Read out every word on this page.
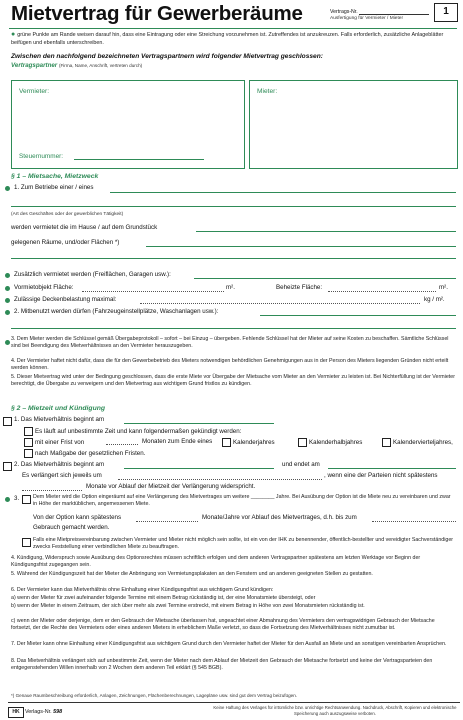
Mietvertrag für Gewerberäume	Vertrags-Nr.
Ausfertigung für Vermieter / Mieter
1
● grüne Punkte am Rande weisen darauf hin, dass eine Eintragung oder eine Streichung vorzunehmen ist. Zutreffendes ist anzukreuzen. Falls erforderlich, zusätzliche Anlageblätter beifügen und ebenfalls unterschreiben.
Zwischen den nachfolgend bezeichneten Vertragspartnern wird folgender Mietvertrag geschlossen:
Vertragspartner (Firma, Name, Anschrift, vertreten durch)
Vermieter:
Steuernummer:
Mieter:
§ 1 – Mietsache, Mietzweck
1. Zum Betriebe einer / eines
(Art des Geschäftes oder der gewerblichen Tätigkeit)
werden vermietet die im Hause / auf dem Grundstück
gelegenen Räume, und/oder Flächen *)
Zusätzlich vermietet werden (Freiflächen, Garagen usw.):
Vormietobjekt Fläche:	m².	Beheizte Fläche:	m².
Zulässige Deckenbelastung maximal:	kg / m².
2. Mitbenutzt werden dürfen (Fahrzeugeinstellplätze, Waschanlagen usw.):
3. Dem Mieter werden die Schlüssel gemäß Übergabeprotokoll – sofort – bei Einzug – übergeben. Fehlende Schlüssel hat der Mieter auf seine Kosten zu beschaffen. Sämtliche Schlüssel sind bei Beendigung des Mietverhältnisses an den Vermieter herauszugeben.
4. Der Vermieter haftet nicht dafür, dass die für den Gewerbebetrieb des Mieters notwendigen behördlichen Genehmigungen aus in der Person des Mieters liegenden Gründen nicht erteilt werden können.
5. Dieser Mietvertrag wird unter der Bedingung geschlossen, dass die erste Miete vor Übergabe der Mietsache vom Mieter an den Vermieter zu leisten ist. Bei Nichterfüllung ist der Vermieter berechtigt, die Übergabe zu verweigern und den Mietvertrag aus wichtigem Grund fristlos zu kündigen.
§ 2 – Mietzeit und Kündigung
1. Das Mietverhältnis beginnt am
Es läuft auf unbestimmte Zeit und kann folgendermaßen gekündigt werden:
mit einer Frist von	Monaten zum Ende eines	Kalenderjahres	Kalenderhalbjahres	Kalendervierteljahres,
nach Maßgabe der gesetzlichen Fristen.
2. Das Mietverhältnis beginnt am	und endet am
Es verlängert sich jeweils um	, wenn eine der Parteien nicht spätestens
Monate vor Ablauf der Mietzeit der Verlängerung widerspricht.
3.	Dem Mieter wird die Option eingeräumt auf eine Verlängerung des Mietvertrages um weitere ________ Jahre. Bei Ausübung der Option ist die Miete neu zu vereinbaren und zwar in Höhe der marktüblichen, angemessenen Miete.
Von der Option kann spätestens	Monate/Jahre vor Ablauf des Mietvertrages, d.h. bis zum
Gebrauch gemacht werden.
Falls eine Mietpreisvereinbarung zwischen Vermieter und Mieter nicht möglich sein sollte, ist ein von der IHK zu benennender, öffentlich-bestellter und vereidigter Sachverständiger zwecks Feststellung einer verbindlichen Miete zu beauftragen.
4. Kündigung, Widerspruch sowie Ausübung des Optionsrechtes müssen schriftlich erfolgen und dem anderen Vertragspartner spätestens am letzten Werktage vor Beginn der Kündigungsfrist zugegangen sein.
5. Während der Kündigungszeit hat der Mieter die Anbringung von Vermietungsplakaten an den Fenstern und an anderen geeigneten Stellen zu gestatten.
6. Der Vermieter kann das Mietverhältnis ohne Einhaltung einer Kündigungsfrist aus wichtigem Grund kündigen:
a) wenn der Mieter für zwei aufeinander folgende Termine mit einem Betrag rückständig ist, der eine Monatsmiete übersteigt, oder
b) wenn der Mieter in einem Zeitraum, der sich über mehr als zwei Termine erstreckt, mit einem Betrag in Höhe von zwei Monatsmieten rückständig ist.
c) wenn der Mieter oder derjenige, dem er den Gebrauch der Mietsache überlassen hat, ungeachtet einer Abmahnung des Vermieters den vertragswidrigen Gebrauch der Mietsache fortsetzt, der die Rechte des Vermieters oder eines anderen Mieters in erheblichem Maße verletzt, so dass die Fortsetzung des Mietverhältnisses nicht zumutbar ist.
7. Der Mieter kann ohne Einhaltung einer Kündigungsfrist aus wichtigem Grund durch den Vermieter haftet der Mieter für den Ausfall an Miete und an sonstigen vereinbarten Ansprüchen.
8. Das Mietverhältnis verlängert sich auf unbestimmte Zeit, wenn der Mieter nach dem Ablauf der Mietzeit den Gebrauch der Mietsache fortsetzt und keine der Vertragsparteien den entgegenstehenden Willen innerhalb von 2 Wochen dem anderen Teil erklärt (§ 545 BGB).
*) Genaue Raumbeschreibung erforderlich, Anlagen, Zeichnungen, Flächenberechnungen, Lagepläne usw. sind gut dem Vertrag beizufügen.
HK Verlags-Nr. 598
Keine Haftung des Verlages für irrtümliche bzw. unrichtige Rechtsanwendung. Nachdruck, Abschrift, Kopieren und elektronische Speicherung auch auszugsweise verboten.
